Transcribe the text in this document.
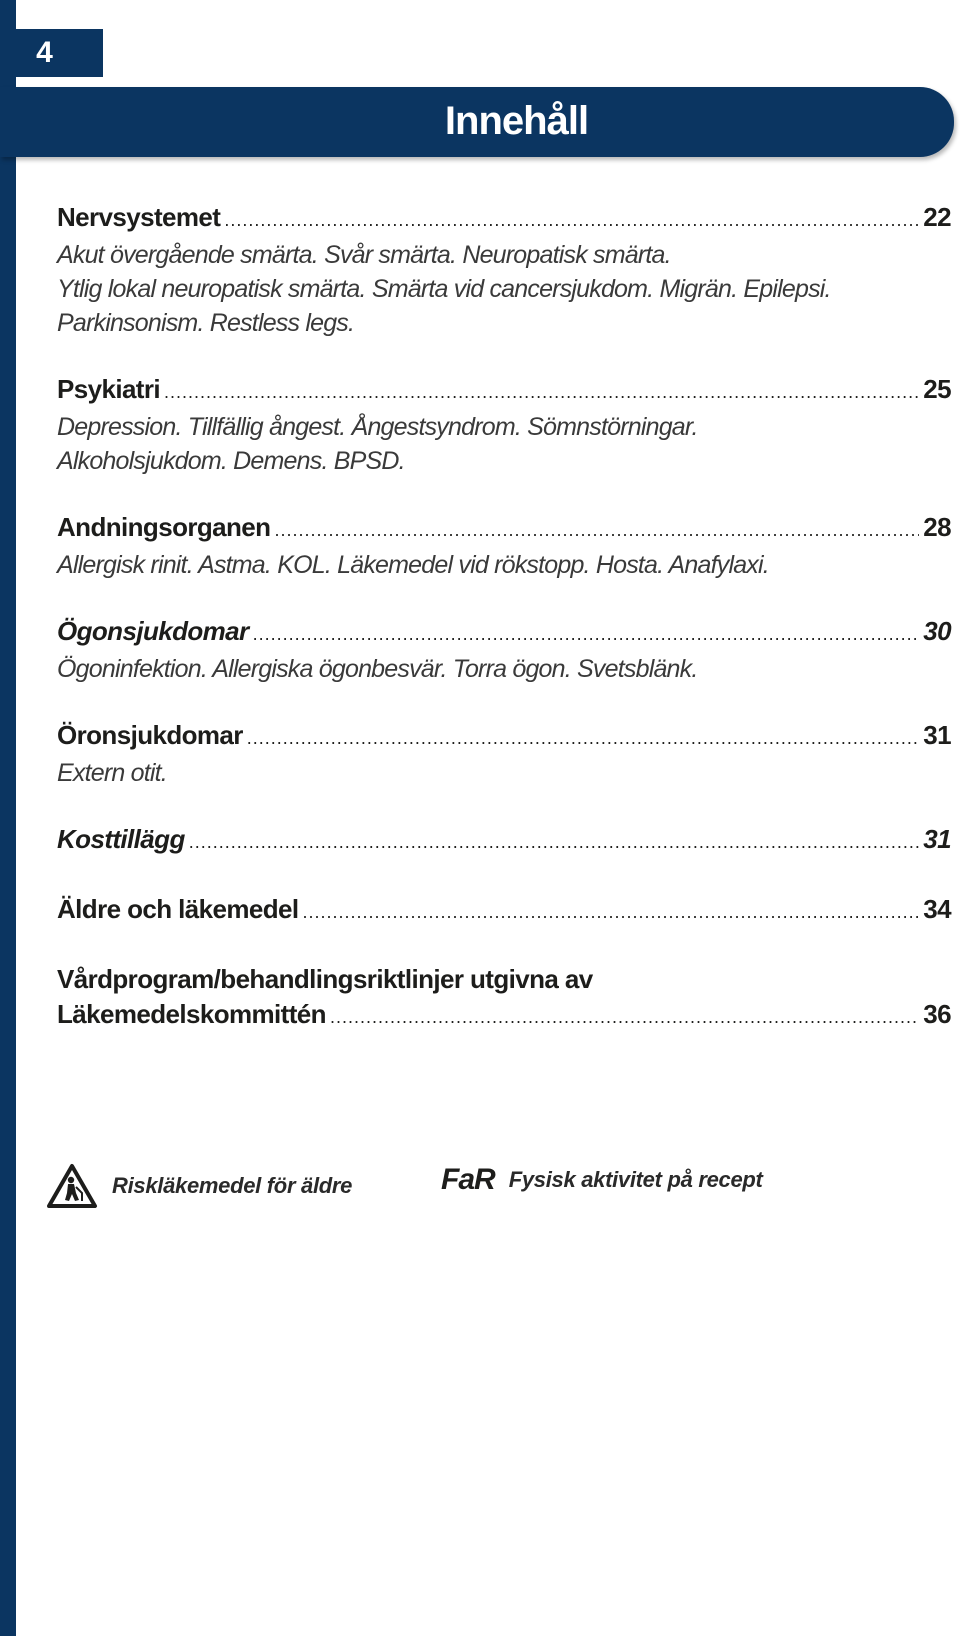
4
Innehåll
Nervsystemet .....	22
Akut övergående smärta. Svår smärta. Neuropatisk smärta.
Ytlig lokal neuropatisk smärta. Smärta vid cancersjukdom. Migrän. Epilepsi.
Parkinsonism. Restless legs.
Psykiatri .....	25
Depression. Tillfällig ångest. Ångestsyndrom. Sömnstörningar.
Alkoholsjukdom. Demens. BPSD.
Andningsorganen .....	28
Allergisk rinit. Astma. KOL. Läkemedel vid rökstopp. Hosta. Anafylaxi.
Ögonsjukdomar .....	30
Ögoninfektion. Allergiska ögonbesvär. Torra ögon. Svetsblänk.
Öronsjukdomar .....	31
Extern otit.
Kosttillägg .....	31
Äldre och läkemedel .....	34
Vårdprogram/behandlingsriktlinjer utgivna av
Läkemedelskommittén .....	36
Riskläkemedel för äldre	FaR Fysisk aktivitet på recept
